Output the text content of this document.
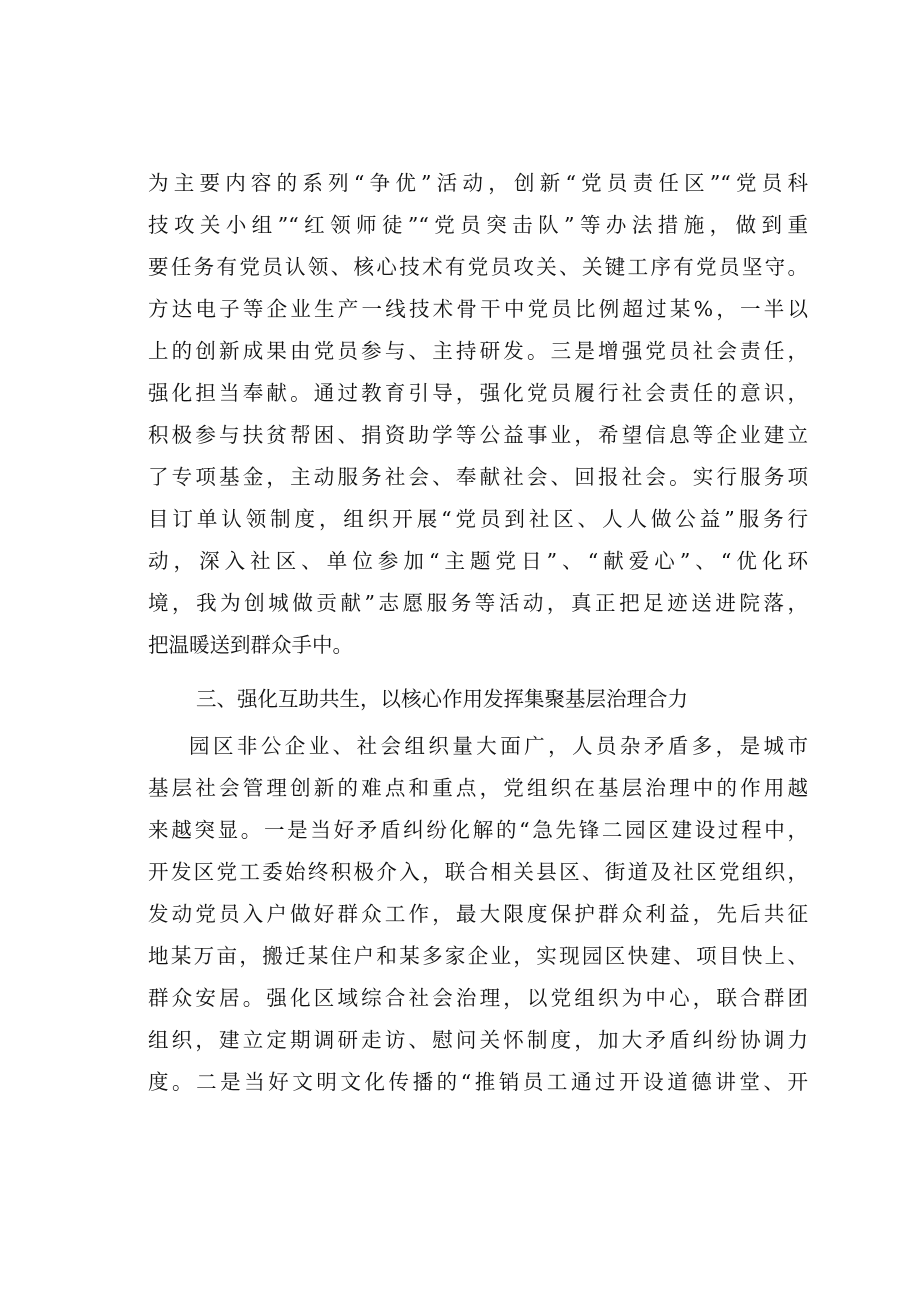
为主要内容的系列“争优”活动，创新“党员责任区”“党员科
技攻关小组”“红领师徒”“党员突击队”等办法措施，做到重
要任务有党员认领、核心技术有党员攻关、关键工序有党员坚守。
方达电子等企业生产一线技术骨干中党员比例超过某%，一半以
上的创新成果由党员参与、主持研发。三是增强党员社会责任，
强化担当奉献。通过教育引导，强化党员履行社会责任的意识，
积极参与扶贫帮困、捐资助学等公益事业，希望信息等企业建立
了专项基金，主动服务社会、奉献社会、回报社会。实行服务项
目订单认领制度，组织开展“党员到社区、人人做公益”服务行
动，深入社区、单位参加“主题党日”、“献爱心”、“优化环
境，我为创城做贡献”志愿服务等活动，真正把足迹送进院落，
把温暖送到群众手中。
三、强化互助共生，以核心作用发挥集聚基层治理合力
园区非公企业、社会组织量大面广，人员杂矛盾多，是城市
基层社会管理创新的难点和重点，党组织在基层治理中的作用越
来越突显。一是当好矛盾纠纷化解的“急先锋二园区建设过程中，
开发区党工委始终积极介入，联合相关县区、街道及社区党组织，
发动党员入户做好群众工作，最大限度保护群众利益，先后共征
地某万亩，搬迁某住户和某多家企业，实现园区快建、项目快上、
群众安居。强化区域综合社会治理，以党组织为中心，联合群团
组织，建立定期调研走访、慰问关怀制度，加大矛盾纠纷协调力
度。二是当好文明文化传播的“推销员工通过开设道德讲堂、开
